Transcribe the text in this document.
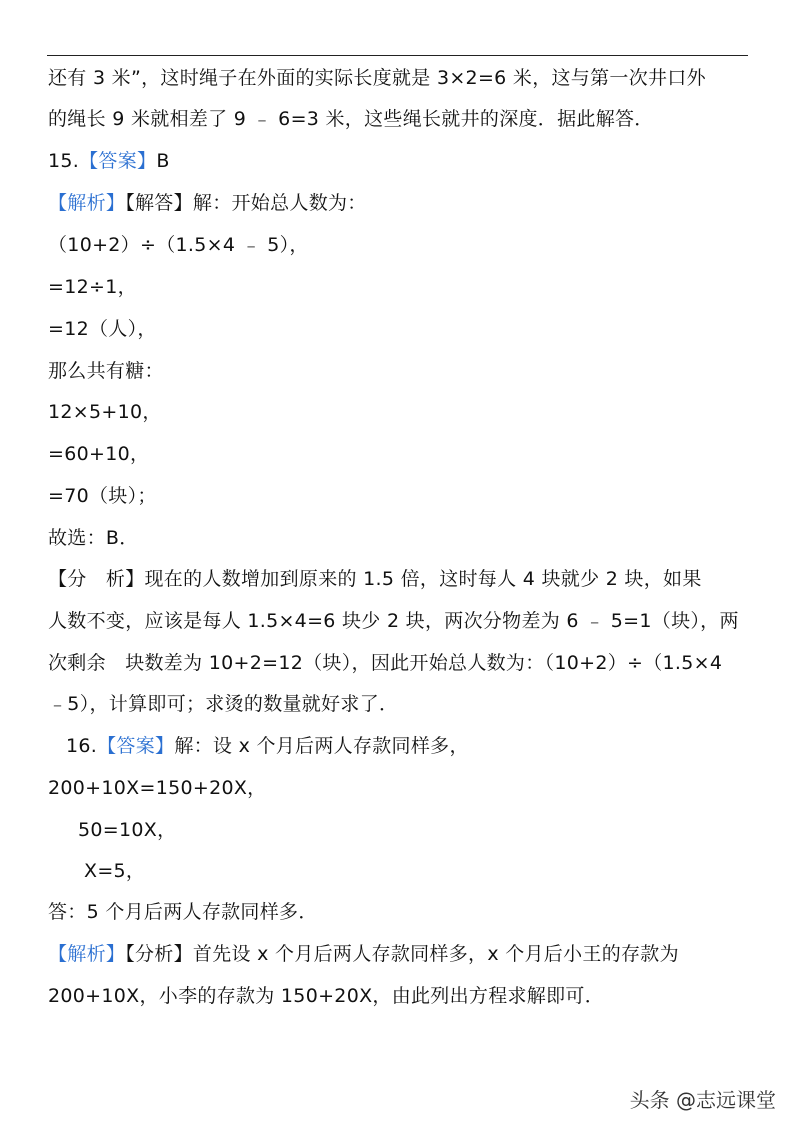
还有 3 米”，这时绳子在外面的实际长度就是 3×2=6 米，这与第一次井口外
的绳长 9 米就相差了 9 ﹣ 6=3 米，这些绳长就井的深度．据此解答．
15.【答案】B
【解析】【解答】解：开始总人数为：
（10+2）÷（1.5×4 ﹣ 5），
=12÷1，
=12（人），
那么共有糖：
12×5+10，
=60+10，
=70（块）；
故选：B．
【分　析】现在的人数增加到原来的 1.5 倍，这时每人 4 块就少 2 块，如果
人数不变，应该是每人 1.5×4=6 块少 2 块，两次分物差为 6 ﹣ 5=1（块），两
次剩余　块数差为 10+2=12（块），因此开始总人数为：（10+2）÷（1.5×4
﹣5），计算即可；求烫的数量就好求了．
16.【答案】解：设 x 个月后两人存款同样多，
200+10X=150+20X，
50=10X，
X=5，
答：5 个月后两人存款同样多．
【解析】【分析】首先设 x 个月后两人存款同样多，x 个月后小王的存款为
200+10X，小李的存款为 150+20X，由此列出方程求解即可．
头条 @志远课堂
